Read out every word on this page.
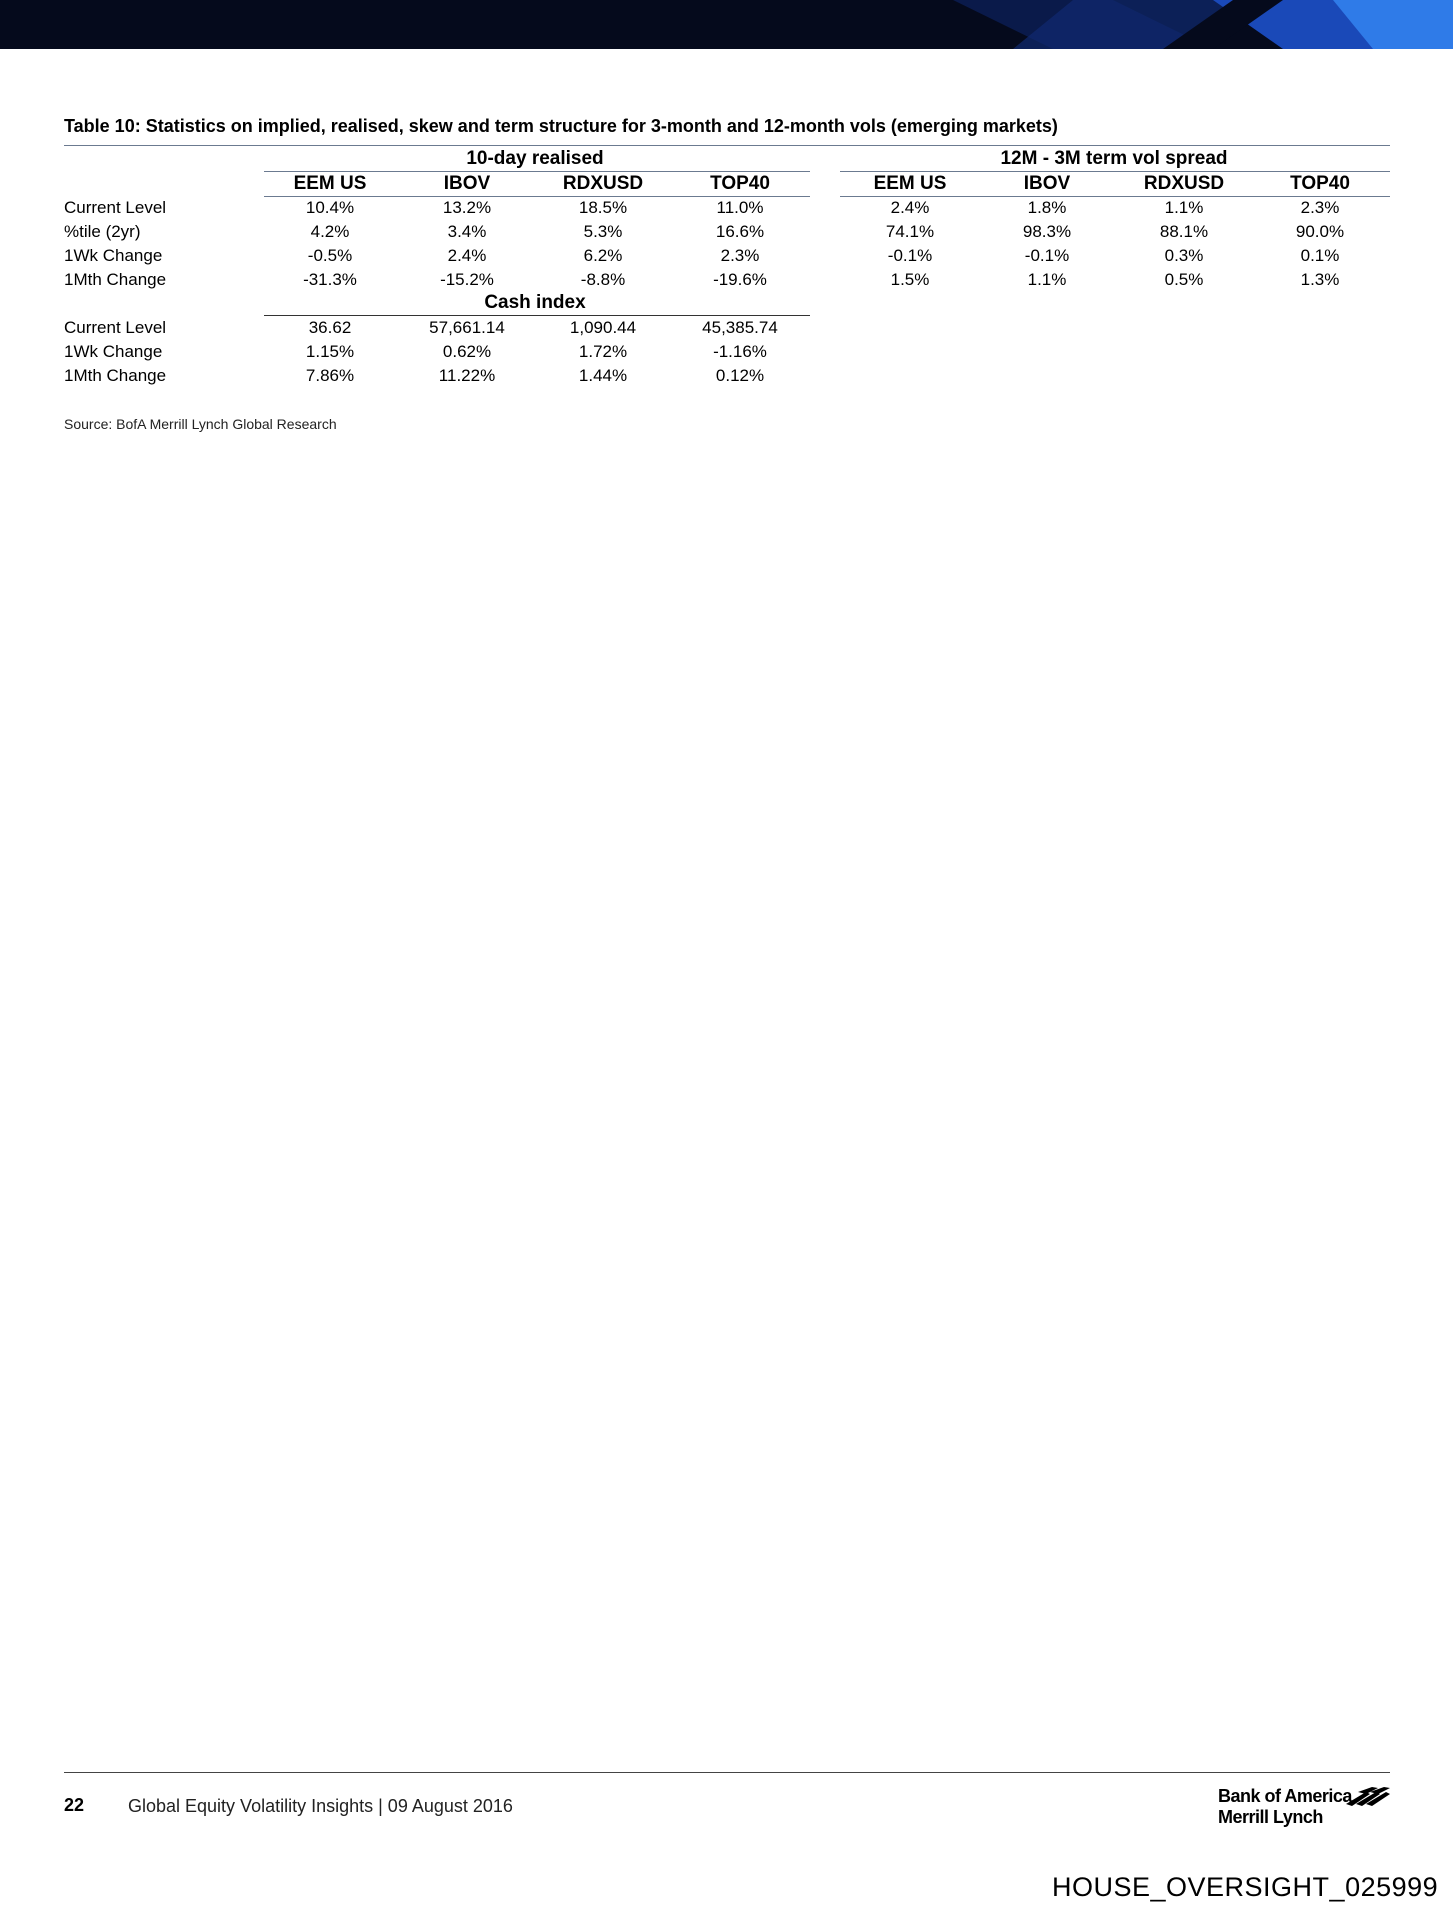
Table 10: Statistics on implied, realised, skew and term structure for 3-month and 12-month vols (emerging markets)
10-day realised	12M - 3M term vol spread
EEM US	IBOV	RDXUSD	TOP40	EEM US	IBOV	RDXUSD	TOP40
Current Level	10.4%	13.2%	18.5%	11.0%	2.4%	1.8%	1.1%	2.3%
%tile (2yr)	4.2%	3.4%	5.3%	16.6%	74.1%	98.3%	88.1%	90.0%
1Wk Change	-0.5%	2.4%	6.2%	2.3%	-0.1%	-0.1%	0.3%	0.1%
1Mth Change	-31.3%	-15.2%	-8.8%	-19.6%	1.5%	1.1%	0.5%	1.3%
Cash index
Current Level	36.62	57,661.14	1,090.44	45,385.74
1Wk Change	1.15%	0.62%	1.72%	-1.16%
1Mth Change	7.86%	11.22%	1.44%	0.12%
Source: BofA Merrill Lynch Global Research
22 Global Equity Volatility Insights | 09 August 2016	Bank of America
Merrill Lynch
HOUSE_OVERSIGHT_025999
